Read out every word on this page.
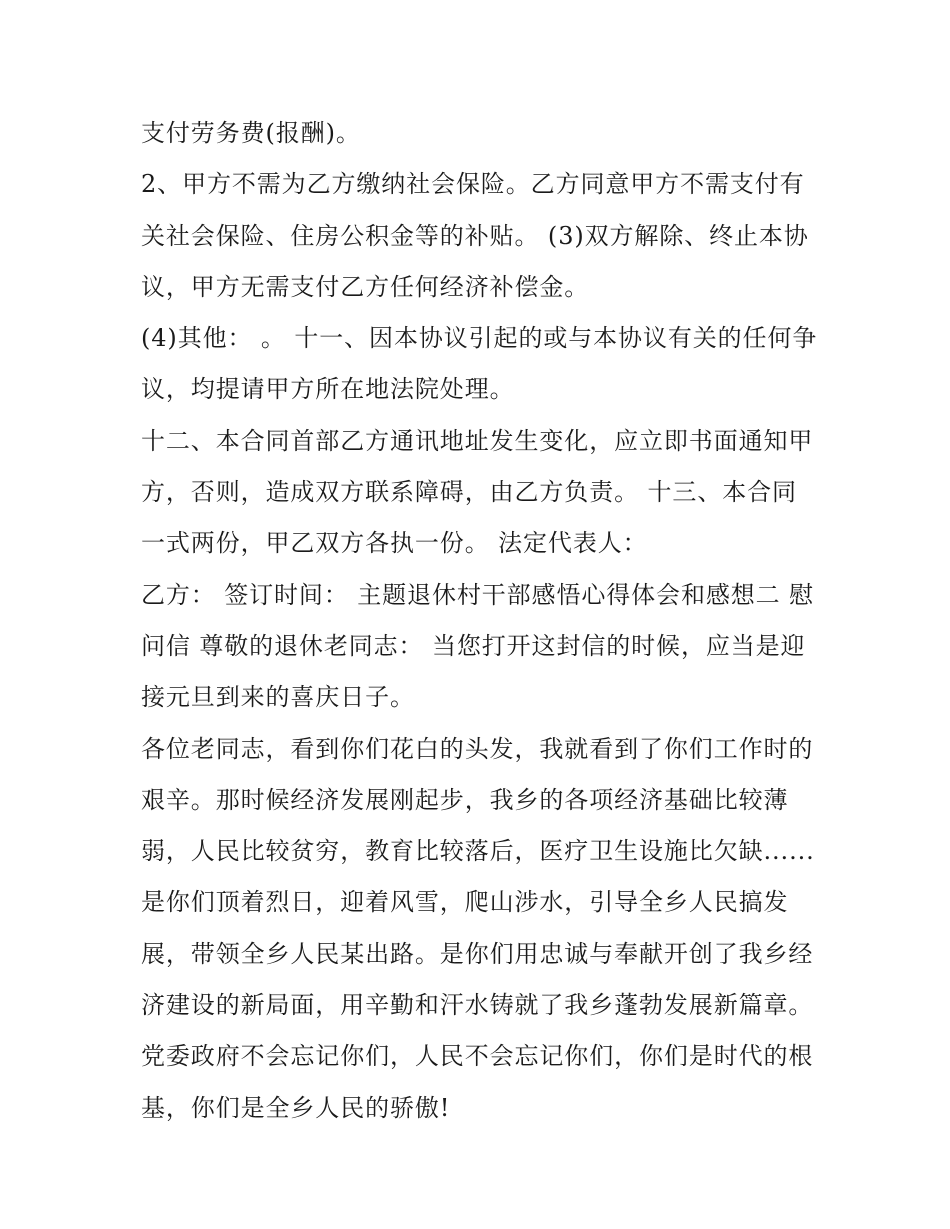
支付劳务费(报酬)。
2、甲方不需为乙方缴纳社会保险。乙方同意甲方不需支付有
关社会保险、住房公积金等的补贴。 (3)双方解除、终止本协
议，甲方无需支付乙方任何经济补偿金。
(4)其他： 。 十一、因本协议引起的或与本协议有关的任何争
议，均提请甲方所在地法院处理。
十二、本合同首部乙方通讯地址发生变化，应立即书面通知甲
方，否则，造成双方联系障碍，由乙方负责。 十三、本合同
一式两份，甲乙双方各执一份。 法定代表人：
乙方： 签订时间： 主题退休村干部感悟心得体会和感想二 慰
问信 尊敬的退休老同志： 当您打开这封信的时候，应当是迎
接元旦到来的喜庆日子。
各位老同志，看到你们花白的头发，我就看到了你们工作时的
艰辛。那时候经济发展刚起步，我乡的各项经济基础比较薄
弱，人民比较贫穷，教育比较落后，医疗卫生设施比欠缺......
是你们顶着烈日，迎着风雪，爬山涉水，引导全乡人民搞发
展，带领全乡人民某出路。是你们用忠诚与奉献开创了我乡经
济建设的新局面，用辛勤和汗水铸就了我乡蓬勃发展新篇章。
党委政府不会忘记你们，人民不会忘记你们，你们是时代的根
基，你们是全乡人民的骄傲!
